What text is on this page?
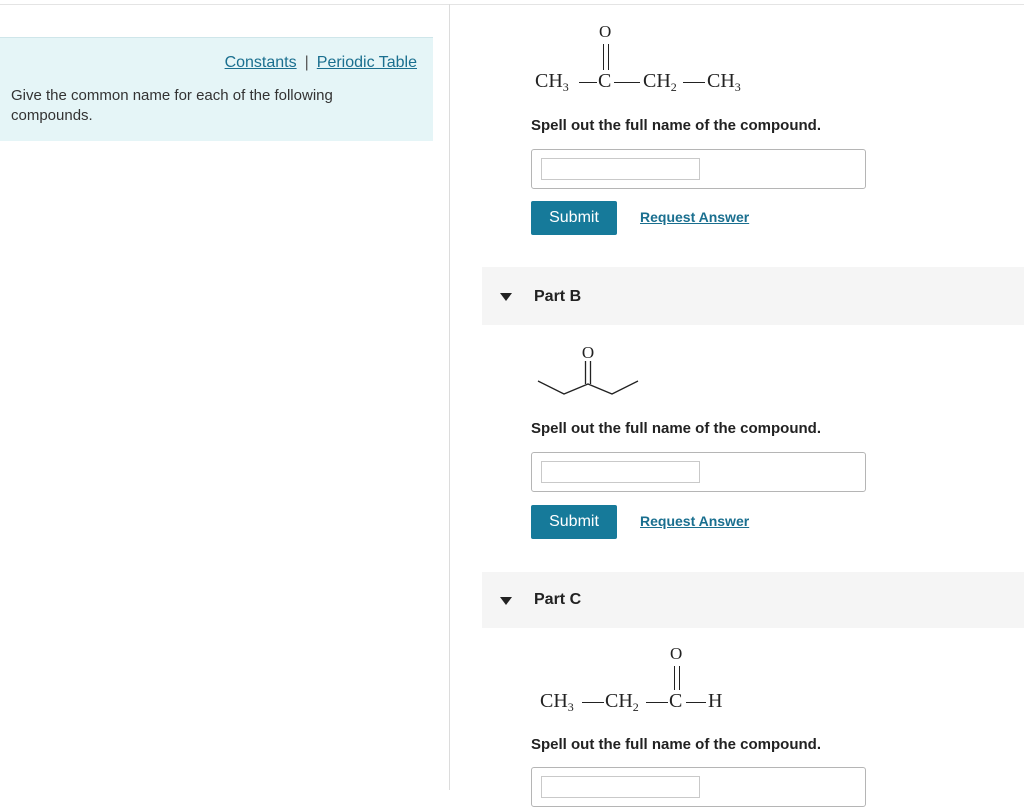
Constants | Periodic Table
Give the common name for each of the following compounds.
O
$CH_3$ C $CH_2$ $CH_3$
Spell out the full name of the compound.
Submit	Request Answer
Part B
O
Spell out the full name of the compound.
Submit	Request Answer
Part C
O
$CH_3$ $CH_2$ C H
Spell out the full name of the compound.
